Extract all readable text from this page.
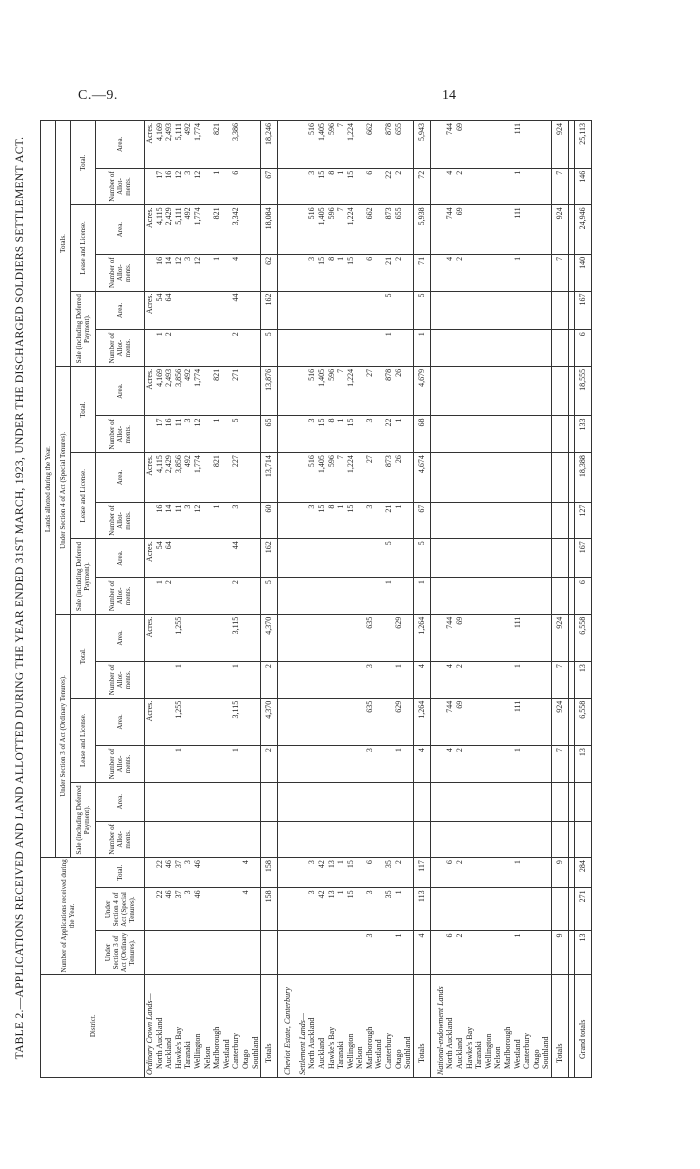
C.—9.	14
TABLE 2.—APPLICATIONS RECEIVED AND LAND ALLOTTED DURING THE YEAR ENDED 31ST MARCH, 1923, UNDER THE DISCHARGED SOLDIERS SETTLEMENT ACT.	District.	Number of Applications received during the Year.			Lands allotted during the Year.																	
				Under Section 3 of Act (Ordinary Tenures).						Under Section 4 of Act (Special Tenures).						Totals.					
				Sale (including Deferred Payment).		Lease and License.		Total.		Sale (including Deferred Payment).		Lease and License.		Total.		Sale (including Deferred Payment).		Lease and License.		Total.	
	Under Section 3 of Act (Ordinary Tenures).	Under Section 4 of Act (Special Tenures).	Total.	Number of Allot-ments.	Area.	Number of Allot-ments.	Area.	Number of Allot-ments.	Area.	Number of Allot-ments.	Area.	Number of Allot-ments.	Area.	Number of Allot-ments.	Area.	Number of Allot-ments.	Area.	Number of Allot-ments.	Area.	Number of Allot-ments.	Area.
Ordinary Crown Lands—							Acres.		Acres.		Acres.		Acres.		Acres.		Acres.		Acres.		Acres.
North Auckland		22	22							1	54	16	4,115	17	4,169	1	54	16	4,115	17	4,169
Auckland		46	46							2	64	14	2,429	16	2,493	2	64	14	2,429	16	2,493
Hawke's Bay		37	37			1	1,255	1	1,255			11	3,856	11	3,856			12	5,111	12	5,111
Taranaki		3	3									3	492	3	492			3	492	3	492
Wellington		46	46									12	1,774	12	1,774			12	1,774	12	1,774
Nelson																					
Marlborough												1	821	1	821			1	821	1	821
Westland																					
Canterbury						1	3,115	1	3,115	2	44	3	227	5	271	2	44	4	3,342	6	3,386
Otago		4	4																		
Southland																					
Totals		158	158			2	4,370	2	4,370	5	162	60	13,714	65	13,876	5	162	62	18,084	67	18,246

Cheviot Estate, Canterbury																					

Settlement Lands—																					
North Auckland		3	3									3	516	3	516			3	516	3	516
Auckland		42	42									15	1,405	15	1,405			15	1,405	15	1,405
Hawke's Bay		13	13									8	596	8	596			8	596	8	596
Taranaki		1	1									1	7	1	7			1	7	1	7
Wellington		15	15									15	1,224	15	1,224			15	1,224	15	1,224
Nelson																					
Marlborough	3	3	6			3	635	3	635			3	27	3	27			6	662	6	662
Westland																					
Canterbury		35	35							1	5	21	873	22	878	1	5	21	873	22	878
Otago	1	1	2			1	629	1	629			1	26	1	26			2	655	2	655
Southland																					
Totals	4	113	117			4	1,264	4	1,264	1	5	67	4,674	68	4,679	1	5	71	5,938	72	5,943

National-endowment Lands																					
North Auckland	6		6			4	744	4	744									4	744	4	744
Auckland	2		2			2	69	2	69									2	69	2	69
Hawke's Bay																					
Taranaki																					
Wellington																					
Nelson																					
Marlborough																					
Westland	1		1			1	111	1	111									1	111	1	111
Canterbury																					
Otago																					
Southland																					
Totals	9		9			7	924	7	924									7	924	7	924

Grand totals	13	271	284			13	6,558	13	6,558	6	167	127	18,388	133	18,555	6	167	140	24,946	146	25,113
